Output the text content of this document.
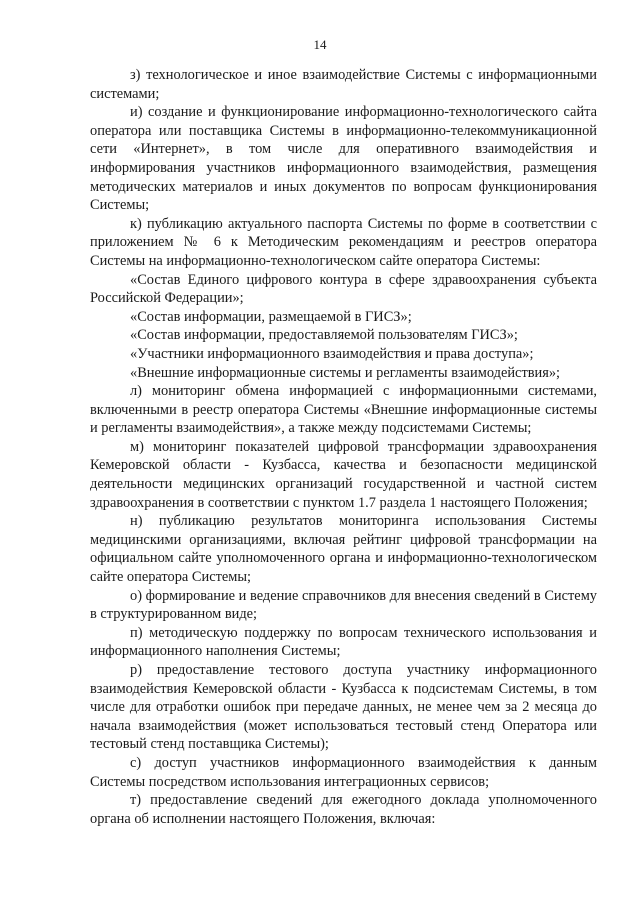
14

з) технологическое и иное взаимодействие Системы с информационными системами;

и) создание и функционирование информационно-технологического сайта оператора или поставщика Системы в информационно-телекоммуникационной сети «Интернет», в том числе для оперативного взаимодействия и информирования участников информационного взаимодействия, размещения методических материалов и иных документов по вопросам функционирования Системы;

к) публикацию актуального паспорта Системы по форме в соответствии с приложением № 6 к Методическим рекомендациям и реестров оператора Системы на информационно-технологическом сайте оператора Системы:

«Состав Единого цифрового контура в сфере здравоохранения субъекта Российской Федерации»;

«Состав информации, размещаемой в ГИСЗ»;

«Состав информации, предоставляемой пользователям ГИСЗ»;

«Участники информационного взаимодействия и права доступа»;

«Внешние информационные системы и регламенты взаимодействия»;

л) мониторинг обмена информацией с информационными системами, включенными в реестр оператора Системы «Внешние информационные системы и регламенты взаимодействия», а также между подсистемами Системы;

м) мониторинг показателей цифровой трансформации здравоохранения Кемеровской области - Кузбасса, качества и безопасности медицинской деятельности медицинских организаций государственной и частной систем здравоохранения в соответствии с пунктом 1.7 раздела 1 настоящего Положения;

н) публикацию результатов мониторинга использования Системы медицинскими организациями, включая рейтинг цифровой трансформации на официальном сайте уполномоченного органа и информационно-технологическом сайте оператора Системы;

о) формирование и ведение справочников для внесения сведений в Систему в структурированном виде;

п) методическую поддержку по вопросам технического использования и информационного наполнения Системы;

р) предоставление тестового доступа участнику информационного взаимодействия Кемеровской области - Кузбасса к подсистемам Системы, в том числе для отработки ошибок при передаче данных, не менее чем за 2 месяца до начала взаимодействия (может использоваться тестовый стенд Оператора или тестовый стенд поставщика Системы);

с) доступ участников информационного взаимодействия к данным Системы посредством использования интеграционных сервисов;

т) предоставление сведений для ежегодного доклада уполномоченного органа об исполнении настоящего Положения, включая:
